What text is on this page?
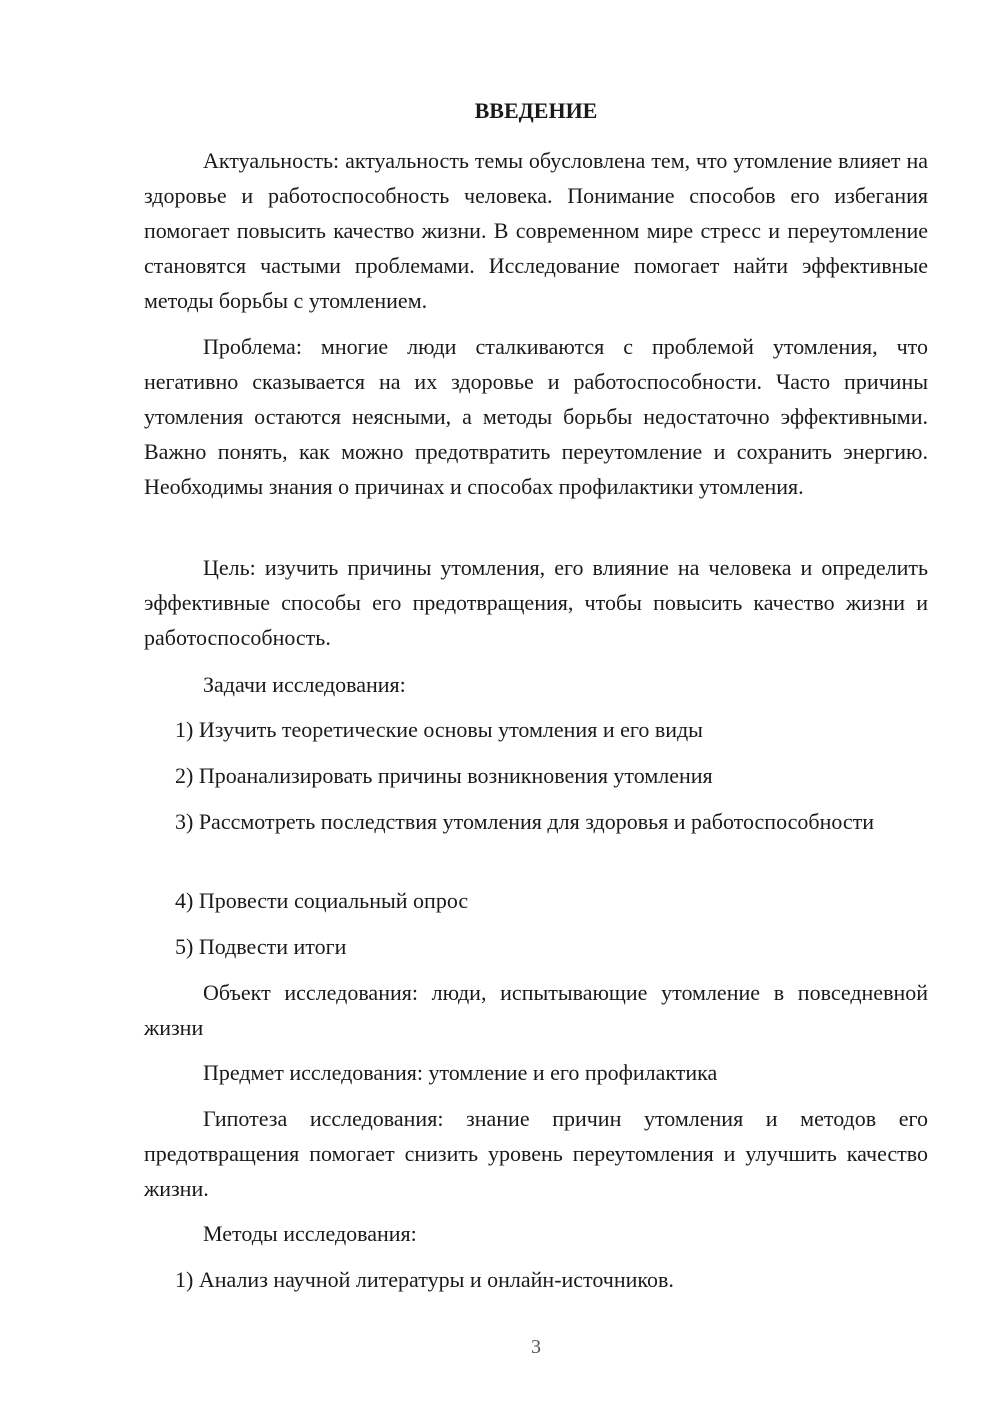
ВВЕДЕНИЕ

Актуальность: актуальность темы обусловлена тем, что утомление влияет на здоровье и работоспособность человека. Понимание способов его избегания помогает повысить качество жизни. В современном мире стресс и переутомление становятся частыми проблемами. Исследование помогает найти эффективные методы борьбы с утомлением.

Проблема: многие люди сталкиваются с проблемой утомления, что негативно сказывается на их здоровье и работоспособности. Часто причины утомления остаются неясными, а методы борьбы недостаточно эффективными. Важно понять, как можно предотвратить переутомление и сохранить энергию. Необходимы знания о причинах и способах профилактики утомления.

Цель: изучить причины утомления, его влияние на человека и определить эффективные способы его предотвращения, чтобы повысить качество жизни и работоспособность.

Задачи исследования:

1) Изучить теоретические основы утомления и его виды

2) Проанализировать причины возникновения утомления

3) Рассмотреть последствия утомления для здоровья и работоспособности

4) Провести социальный опрос

5) Подвести итоги

Объект исследования: люди, испытывающие утомление в повседневной жизни

Предмет исследования: утомление и его профилактика

Гипотеза исследования: знание причин утомления и методов его предотвращения помогает снизить уровень переутомления и улучшить качество жизни.

Методы исследования:

1) Анализ научной литературы и онлайн-источников.

3
